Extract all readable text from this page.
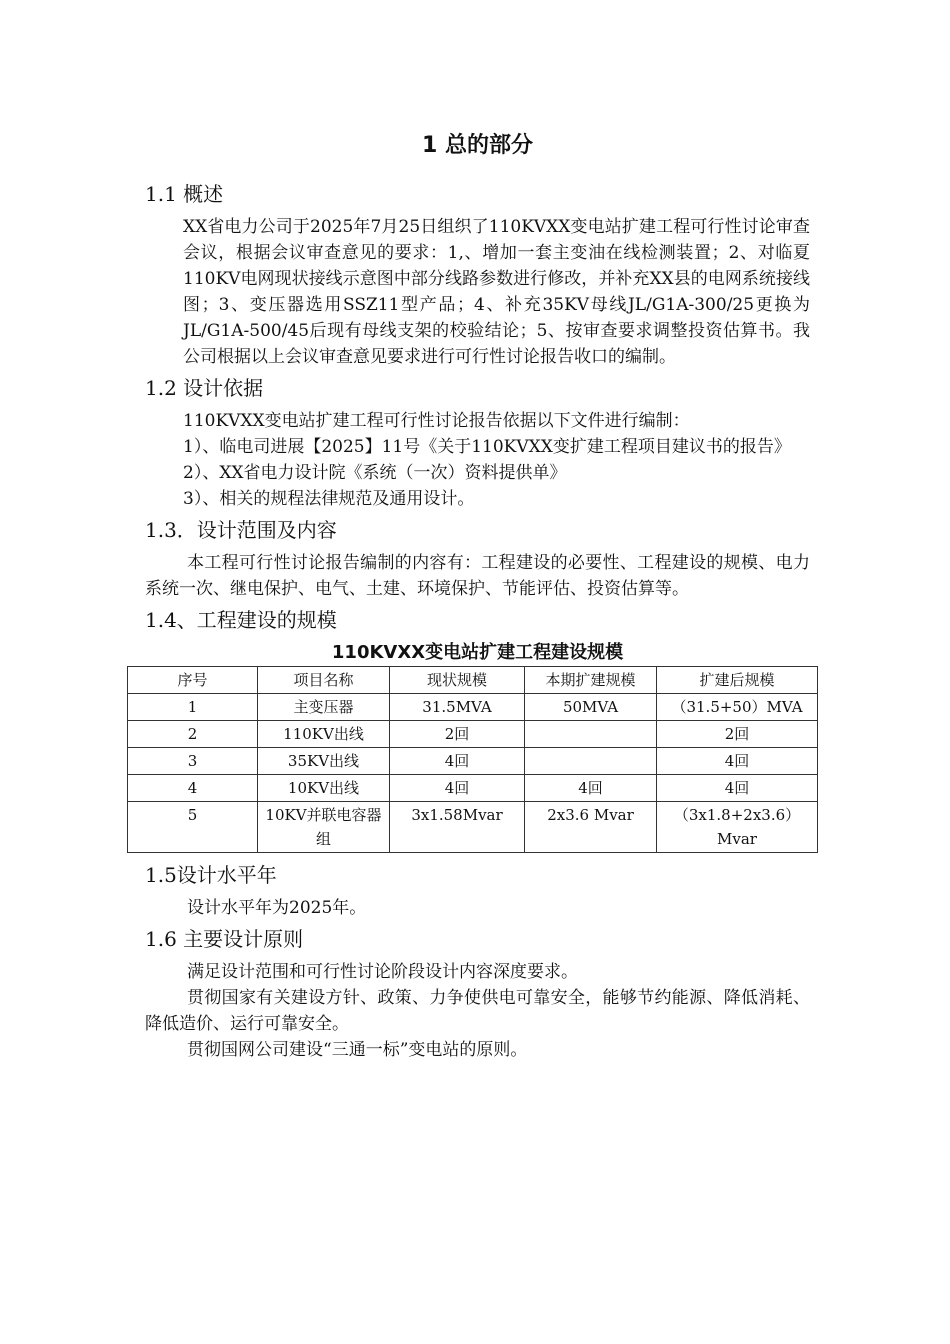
1 总的部分
1.1 概述

XX省电力公司于2025年7月25日组织了110KVXX变电站扩建工程可行性讨论审查会议，根据会议审查意见的要求：1,、增加一套主变油在线检测装置；2、对临夏110KV电网现状接线示意图中部分线路参数进行修改，并补充XX县的电网系统接线图；3、变压器选用SSZ11型产品；4、补充35KV母线JL/G1A-300/25更换为JL/G1A-500/45后现有母线支架的校验结论；5、按审查要求调整投资估算书。我公司根据以上会议审查意见要求进行可行性讨论报告收口的编制。

1.2 设计依据

110KVXX变电站扩建工程可行性讨论报告依据以下文件进行编制：

1）、临电司进展【2025】11号《关于110KVXX变扩建工程项目建议书的报告》

2）、XX省电力设计院《系统（一次）资料提供单》

3）、相关的规程法律规范及通用设计。

1.3．设计范围及内容

本工程可行性讨论报告编制的内容有：工程建设的必要性、工程建设的规模、电力系统一次、继电保护、电气、土建、环境保护、节能评估、投资估算等。

1.4、工程建设的规模
110KVXX变电站扩建工程建设规模
序号	项目名称	现状规模	本期扩建规模	扩建后规模
1	主变压器	31.5MVA	50MVA	（31.5+50）MVA
2	110KV出线	2回		2回
3	35KV出线	4回		4回
4	10KV出线	4回	4回	4回
5	10KV并联电容器组	3x1.58Mvar	2x3.6 Mvar	（3x1.8+2x3.6）Mvar
1.5设计水平年

设计水平年为2025年。

1.6 主要设计原则

满足设计范围和可行性讨论阶段设计内容深度要求。

贯彻国家有关建设方针、政策、力争使供电可靠安全，能够节约能源、降低消耗、降低造价、运行可靠安全。

贯彻国网公司建设“三通一标”变电站的原则。
